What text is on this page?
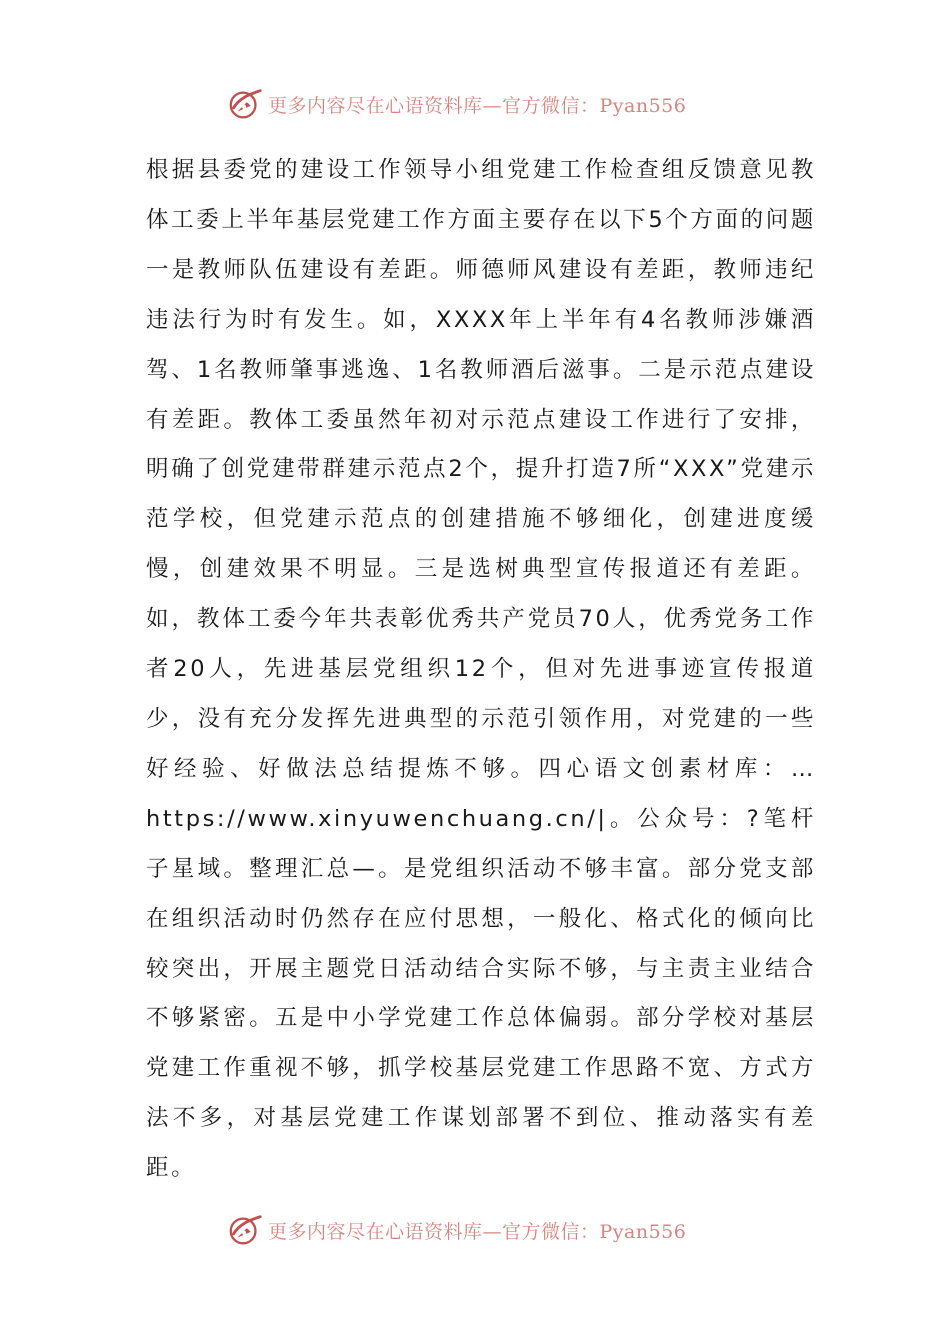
更多内容尽在心语资料库—官方微信：Pyan556

根据县委党的建设工作领导小组党建工作检查组反馈意见教体工委上半年基层党建工作方面主要存在以下5个方面的问题一是教师队伍建设有差距。师德师风建设有差距，教师违纪违法行为时有发生。如，XXXX年上半年有4名教师涉嫌酒驾、1名教师肇事逃逸、1名教师酒后滋事。二是示范点建设有差距。教体工委虽然年初对示范点建设工作进行了安排，明确了创党建带群建示范点2个，提升打造7所“XXX”党建示范学校，但党建示范点的创建措施不够细化，创建进度缓慢，创建效果不明显。三是选树典型宣传报道还有差距。如，教体工委今年共表彰优秀共产党员70人，优秀党务工作者20人，先进基层党组织12个，但对先进事迹宣传报道少，没有充分发挥先进典型的示范引领作用，对党建的一些好经验、好做法总结提炼不够。四心语文创素材库：…https://www.xinyuwenchuang.cn/|。公众号：?笔杆子星域。整理汇总—。是党组织活动不够丰富。部分党支部在组织活动时仍然存在应付思想，一般化、格式化的倾向比较突出，开展主题党日活动结合实际不够，与主责主业结合不够紧密。五是中小学党建工作总体偏弱。部分学校对基层党建工作重视不够，抓学校基层党建工作思路不宽、方式方法不多，对基层党建工作谋划部署不到位、推动落实有差距。

更多内容尽在心语资料库—官方微信：Pyan556
